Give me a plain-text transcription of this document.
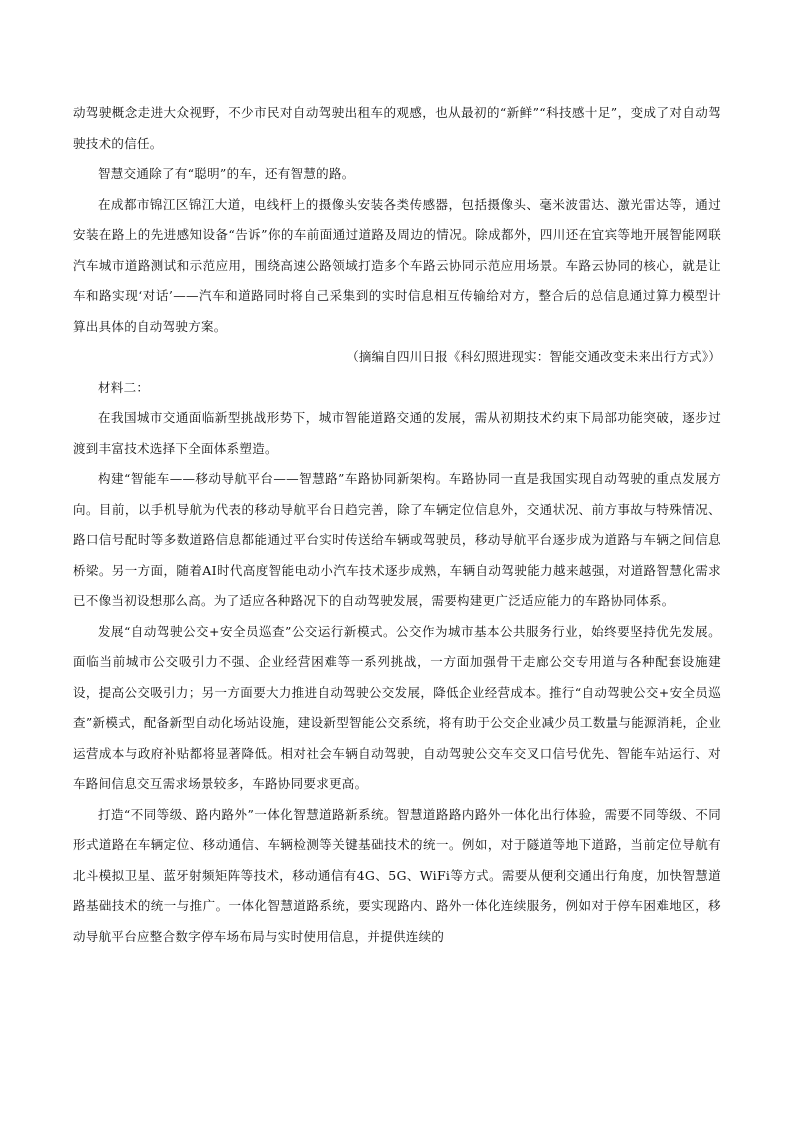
动驾驶概念走进大众视野，不少市民对自动驾驶出租车的观感，也从最初的“新鲜”“科技感十足”，变成了对自动驾驶技术的信任。

智慧交通除了有“聪明”的车，还有智慧的路。

在成都市锦江区锦江大道，电线杆上的摄像头安装各类传感器，包括摄像头、毫米波雷达、激光雷达等，通过安装在路上的先进感知设备“告诉”你的车前面通过道路及周边的情况。除成都外，四川还在宜宾等地开展智能网联汽车城市道路测试和示范应用，围绕高速公路领域打造多个车路云协同示范应用场景。车路云协同的核心，就是让车和路实现‘对话’——汽车和道路同时将自己采集到的实时信息相互传输给对方，整合后的总信息通过算力模型计算出具体的自动驾驶方案。

（摘编自四川日报《科幻照进现实：智能交通改变未来出行方式》）

材料二：

在我国城市交通面临新型挑战形势下，城市智能道路交通的发展，需从初期技术约束下局部功能突破，逐步过渡到丰富技术选择下全面体系塑造。

构建“智能车——移动导航平台——智慧路”车路协同新架构。车路协同一直是我国实现自动驾驶的重点发展方向。目前，以手机导航为代表的移动导航平台日趋完善，除了车辆定位信息外，交通状况、前方事故与特殊情况、路口信号配时等多数道路信息都能通过平台实时传送给车辆或驾驶员，移动导航平台逐步成为道路与车辆之间信息桥梁。另一方面，随着AI时代高度智能电动小汽车技术逐步成熟，车辆自动驾驶能力越来越强，对道路智慧化需求已不像当初设想那么高。为了适应各种路况下的自动驾驶发展，需要构建更广泛适应能力的车路协同体系。

发展“自动驾驶公交+安全员巡查”公交运行新模式。公交作为城市基本公共服务行业，始终要坚持优先发展。面临当前城市公交吸引力不强、企业经营困难等一系列挑战，一方面加强骨干走廊公交专用道与各种配套设施建设，提高公交吸引力；另一方面要大力推进自动驾驶公交发展，降低企业经营成本。推行“自动驾驶公交+安全员巡查”新模式，配备新型自动化场站设施，建设新型智能公交系统，将有助于公交企业减少员工数量与能源消耗，企业运营成本与政府补贴都将显著降低。相对社会车辆自动驾驶，自动驾驶公交车交叉口信号优先、智能车站运行、对车路间信息交互需求场景较多，车路协同要求更高。

打造“不同等级、路内路外”一体化智慧道路新系统。智慧道路路内路外一体化出行体验，需要不同等级、不同形式道路在车辆定位、移动通信、车辆检测等关键基础技术的统一。例如，对于隧道等地下道路，当前定位导航有北斗模拟卫星、蓝牙射频矩阵等技术，移动通信有4G、5G、WiFi等方式。需要从便利交通出行角度，加快智慧道路基础技术的统一与推广。一体化智慧道路系统，要实现路内、路外一体化连续服务，例如对于停车困难地区，移动导航平台应整合数字停车场布局与实时使用信息，并提供连续的
